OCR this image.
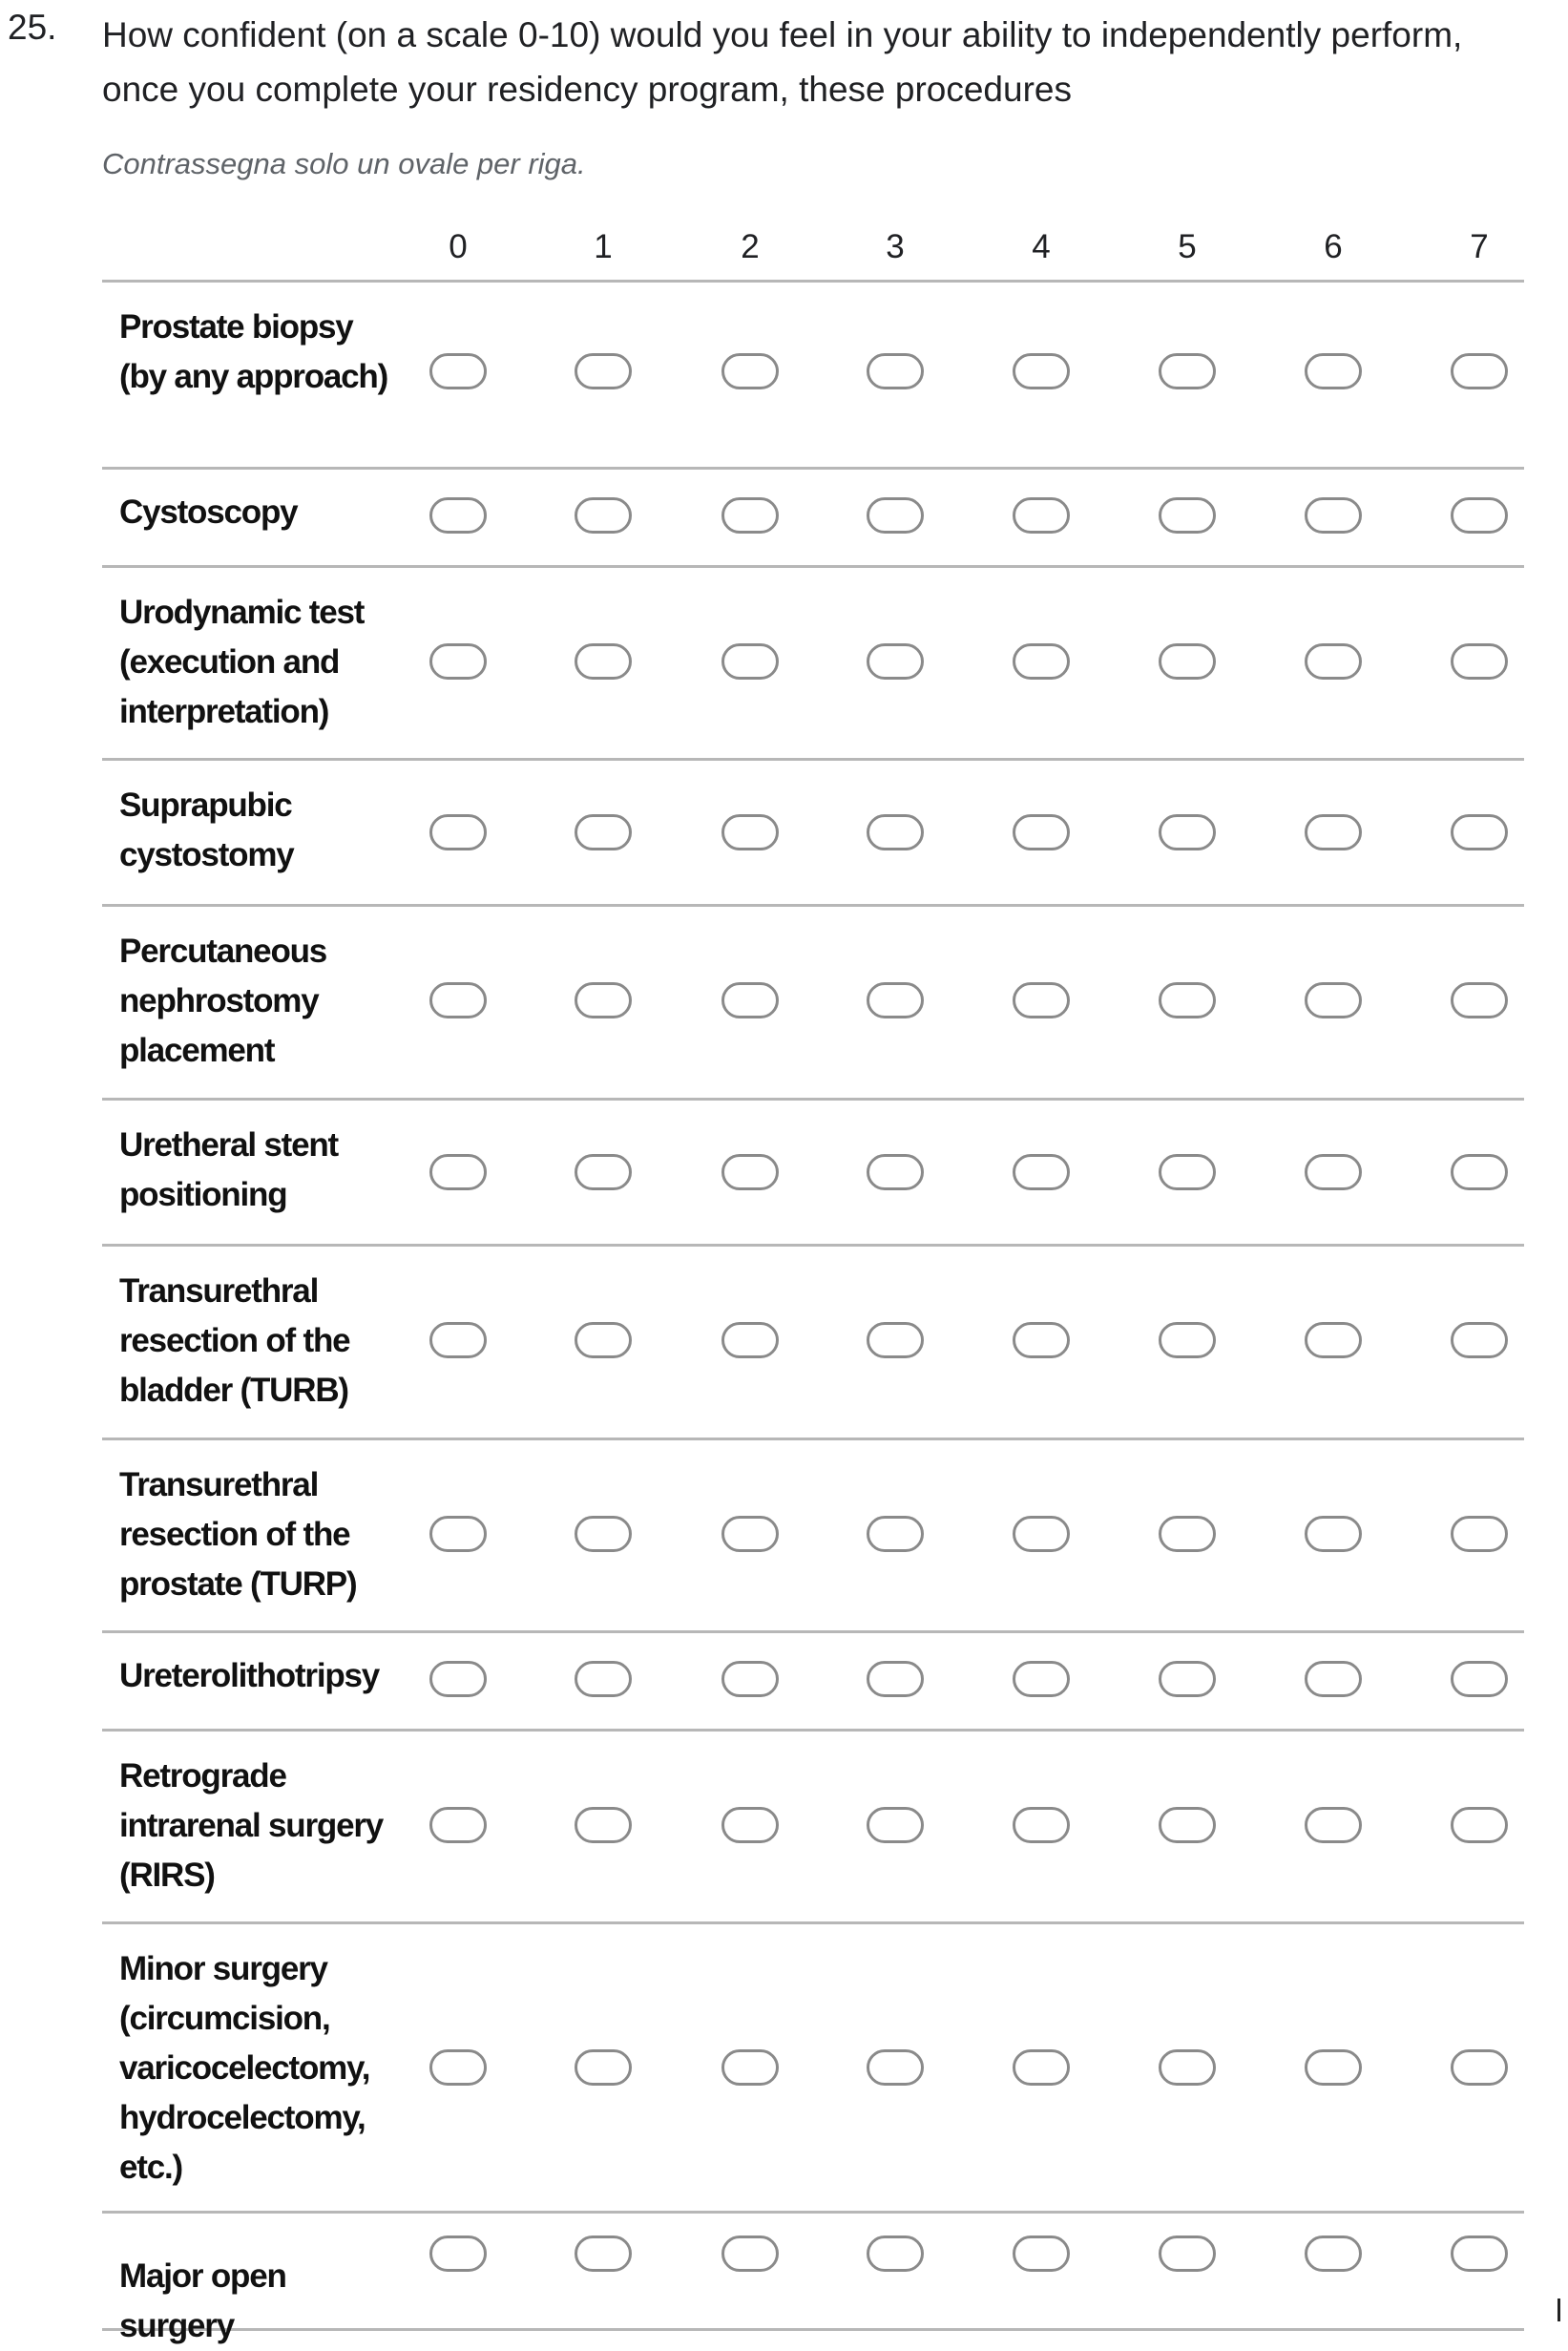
25. How confident (on a scale 0-10) would you feel in your ability to independently perform, once you complete your residency program, these procedures
Contrassegna solo un ovale per riga.
0	1	2	3	4	5	6	7
Prostate biopsy (by any approach)
Cystoscopy
Urodynamic test (execution and interpretation)
Suprapubic cystostomy
Percutaneous nephrostomy placement
Uretheral stent positioning
Transurethral resection of the bladder (TURB)
Transurethral resection of the prostate (TURP)
Ureterolithotripsy
Retrograde intrarenal surgery (RIRS)
Minor surgery (circumcision, varicocelectomy, hydrocelectomy, etc.)
Major open surgery
